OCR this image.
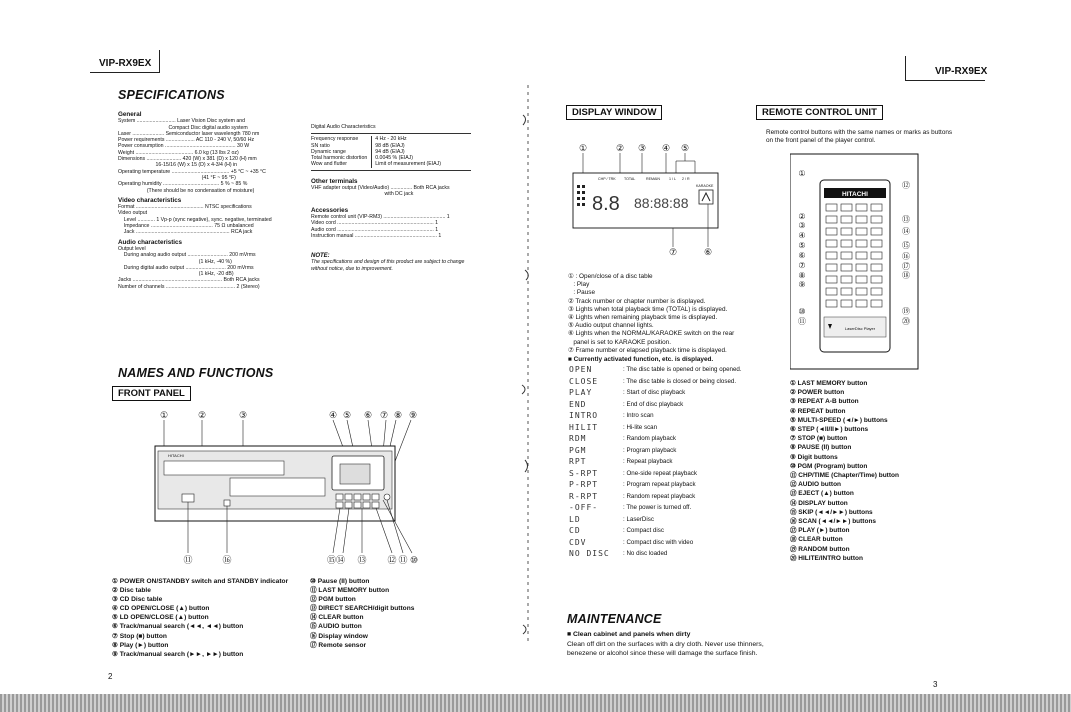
VIP-RX9EX
VIP-RX9EX
SPECIFICATIONS
General
System ........................... Laser Vision Disc system and
Compact Disc digital audio system
Laser ...................... Semiconductor laser wavelength 780 nm
Power requirements .................... AC 110 - 240 V, 50/60 Hz
Power consumption ................................................. 30 W
Weight ........................................ 6.0 kg (13 lbs 2 oz)
Dimensions ........................ 420 (W) x 381 (D) x 120 (H) mm
16-15/16 (W) x 15 (D) x 4-3/4 (H) in
Operating temperature ........................................ +5 °C ~ +35 °C
(41 °F ~ 95 °F)
Operating humidity ....................................... 5 % ~ 85 %
(There should be no condensation of moisture)
Video characteristics
Format ............................................... NTSC specifications
Video output
Level ............ 1 Vp-p (sync negative), sync. negative, terminated
Impedance ........................................... 75 Ω unbalanced
Jack ................................................................. RCA jack
Audio characteristics
Output level
During analog audio output ............................ 200 mVrms
(1 kHz, -40 %)
During digital audio output ............................ 200 mVrms
(1 kHz, -20 dB)
Jacks .............................................................. Both RCA jacks
Number of channels ................................................ 2 (Stereo)
Digital Audio Characteristics
Frequency response	4 Hz - 20 kHz
SN ratio	98 dB (EIAJ)
Dynamic range	94 dB (EIAJ)
Total harmonic distortion	0.0045 % (EIAJ)
Wow and flutter	Limit of measurement (EIAJ)
Other terminals
VHF adapter output (Video/Audio) ............... Both RCA jacks
with DC jack
Accessories
Remote control unit (VIP-RM3) ........................................... 1
Video cord ................................................................... 1
Audio cord ................................................................... 1
Instruction manual ......................................................... 1
NOTE:
The specifications and design of this product are subject to change without notice, due to improvement.
NAMES AND FUNCTIONS
FRONT PANEL
①	②	③	④ ⑤ ⑥ ⑦ ⑧ ⑨
HITACHI
⑪	⑯	⑮⑭ ⑬ ⑫ ⑪ ⑩
① POWER ON/STANDBY switch and STANDBY indicator
② Disc table
③ CD Disc table
④ CD OPEN/CLOSE (▲) button
⑤ LD OPEN/CLOSE (▲) button
⑥ Track/manual search (◄◄, ◄◄) button
⑦ Stop (■) button
⑧ Play (►) button
⑨ Track/manual search (►►, ►►) button
⑩ Pause (II) button
⑪ LAST MEMORY button
⑫ PGM button
⑬ DIRECT SEARCH/digit buttons
⑭ CLEAR button
⑮ AUDIO button
⑯ Display window
⑰ Remote sensor
2
DISPLAY WINDOW
①	② ③ ④ ⑤
⑦	⑥
CHP / TRK TOTAL	REMAIN	1 / L 2 / R
KARAOKE
8.8 88:88:88
① : Open/close of a disc table
: Play
: Pause
② Track number or chapter number is displayed.
③ Lights when total playback time (TOTAL) is displayed.
④ Lights when remaining playback time is displayed.
⑤ Audio output channel lights.
⑥ Lights when the NORMAL/KARAOKE switch on the rear
panel is set to KARAOKE position.
⑦ Frame number or elapsed playback time is displayed.
■ Currently activated function, etc. is displayed.
OPEN	: The disc table is opened or being opened.
CLOSE	: The disc table is closed or being closed.
PLAY	: Start of disc playback
END	: End of disc playback
INTRO	: Intro scan
HILIT	: Hi-lite scan
RDM	: Random playback
PGM	: Program playback
RPT	: Repeat playback
S-RPT	: One-side repeat playback
P-RPT	: Program repeat playback
R-RPT	: Random repeat playback
-OFF-	: The power is turned off.
LD	: LaserDisc
CD	: Compact disc
CDV	: Compact disc with video
NO DISC	: No disc loaded
MAINTENANCE
■ Clean cabinet and panels when dirty
Clean off dirt on the surfaces with a dry cloth. Never use thinners, benezene or alcohol since these will damage the surface finish.
REMOTE CONTROL UNIT
Remote control buttons with the same names or marks as buttons on the front panel of the player control.
①
②
③
④
⑤
⑥
⑦
⑧
⑨
⑩
⑪
⑫
⑬
⑭
⑮
⑯
⑰
⑱
⑲
⑳
HITACHI
LaserDisc Player
① LAST MEMORY button
② POWER button
③ REPEAT A-B button
④ REPEAT button
⑤ MULTI-SPEED (◄/►) buttons
⑥ STEP (◄II/II►) buttons
⑦ STOP (■) button
⑧ PAUSE (II) button
⑨ Digit buttons
⑩ PGM (Program) button
⑪ CHP/TIME (Chapter/Time) button
⑫ AUDIO button
⑬ EJECT (▲) button
⑭ DISPLAY button
⑮ SKIP (◄◄/►►) buttons
⑯ SCAN (◄◄/►►) buttons
⑰ PLAY (►) button
⑱ CLEAR button
⑲ RANDOM button
⑳ HILITE/INTRO button
3
